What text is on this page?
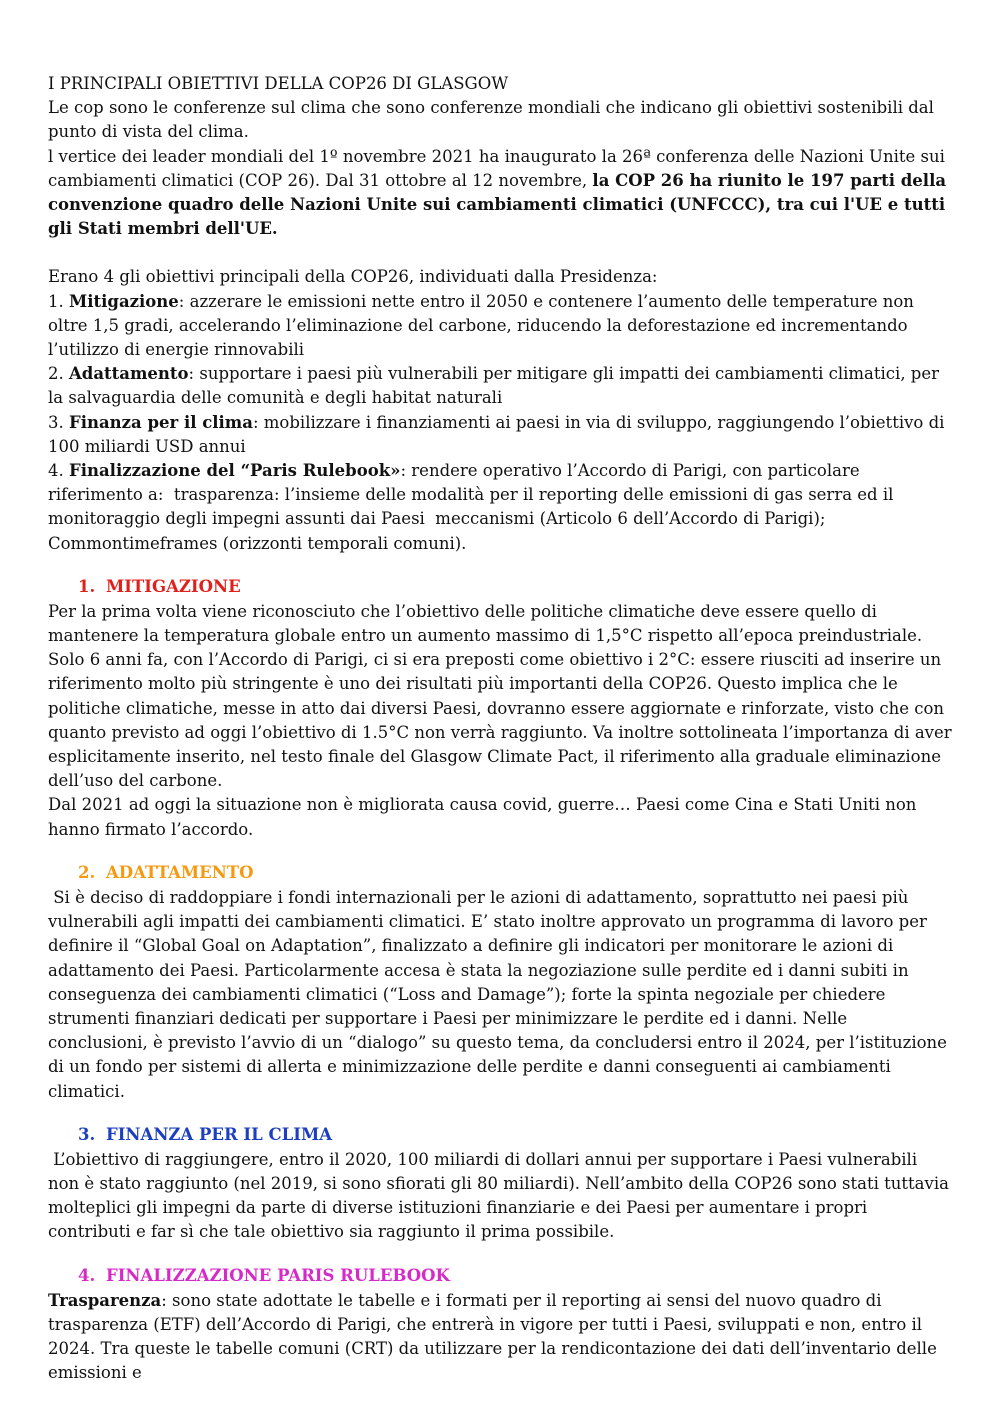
I PRINCIPALI OBIETTIVI DELLA COP26 DI GLASGOW

Le cop sono le conferenze sul clima che sono conferenze mondiali che indicano gli obiettivi sostenibili dal punto di vista del clima.

l vertice dei leader mondiali del 1º novembre 2021 ha inaugurato la 26ª conferenza delle Nazioni Unite sui cambiamenti climatici (COP 26). Dal 31 ottobre al 12 novembre, la COP 26 ha riunito le 197 parti della convenzione quadro delle Nazioni Unite sui cambiamenti climatici (UNFCCC), tra cui l'UE e tutti gli Stati membri dell'UE.

Erano 4 gli obiettivi principali della COP26, individuati dalla Presidenza:

1. Mitigazione: azzerare le emissioni nette entro il 2050 e contenere l’aumento delle temperature non oltre 1,5 gradi, accelerando l’eliminazione del carbone, riducendo la deforestazione ed incrementando l’utilizzo di energie rinnovabili

2. Adattamento: supportare i paesi più vulnerabili per mitigare gli impatti dei cambiamenti climatici, per la salvaguardia delle comunità e degli habitat naturali

3. Finanza per il clima: mobilizzare i finanziamenti ai paesi in via di sviluppo, raggiungendo l’obiettivo di 100 miliardi USD annui

4. Finalizzazione del “Paris Rulebook»: rendere operativo l’Accordo di Parigi, con particolare riferimento a:  trasparenza: l’insieme delle modalità per il reporting delle emissioni di gas serra ed il monitoraggio degli impegni assunti dai Paesi  meccanismi (Articolo 6 dell’Accordo di Parigi);  Commontimeframes (orizzonti temporali comuni).

1. MITIGAZIONE

Per la prima volta viene riconosciuto che l’obiettivo delle politiche climatiche deve essere quello di mantenere la temperatura globale entro un aumento massimo di 1,5°C rispetto all’epoca preindustriale. Solo 6 anni fa, con l’Accordo di Parigi, ci si era preposti come obiettivo i 2°C: essere riusciti ad inserire un riferimento molto più stringente è uno dei risultati più importanti della COP26. Questo implica che le politiche climatiche, messe in atto dai diversi Paesi, dovranno essere aggiornate e rinforzate, visto che con quanto previsto ad oggi l’obiettivo di 1.5°C non verrà raggiunto. Va inoltre sottolineata l’importanza di aver esplicitamente inserito, nel testo finale del Glasgow Climate Pact, il riferimento alla graduale eliminazione dell’uso del carbone.

Dal 2021 ad oggi la situazione non è migliorata causa covid, guerre… Paesi come Cina e Stati Uniti non hanno firmato l’accordo.

2. ADATTAMENTO

Si è deciso di raddoppiare i fondi internazionali per le azioni di adattamento, soprattutto nei paesi più vulnerabili agli impatti dei cambiamenti climatici. E’ stato inoltre approvato un programma di lavoro per definire il “Global Goal on Adaptation”, finalizzato a definire gli indicatori per monitorare le azioni di adattamento dei Paesi. Particolarmente accesa è stata la negoziazione sulle perdite ed i danni subiti in conseguenza dei cambiamenti climatici (“Loss and Damage”); forte la spinta negoziale per chiedere strumenti finanziari dedicati per supportare i Paesi per minimizzare le perdite ed i danni. Nelle conclusioni, è previsto l’avvio di un “dialogo” su questo tema, da concludersi entro il 2024, per l’istituzione di un fondo per sistemi di allerta e minimizzazione delle perdite e danni conseguenti ai cambiamenti climatici.

3. FINANZA PER IL CLIMA

L’obiettivo di raggiungere, entro il 2020, 100 miliardi di dollari annui per supportare i Paesi vulnerabili non è stato raggiunto (nel 2019, si sono sfiorati gli 80 miliardi). Nell’ambito della COP26 sono stati tuttavia molteplici gli impegni da parte di diverse istituzioni finanziarie e dei Paesi per aumentare i propri contributi e far sì che tale obiettivo sia raggiunto il prima possibile.

4. FINALIZZAZIONE PARIS RULEBOOK

Trasparenza: sono state adottate le tabelle e i formati per il reporting ai sensi del nuovo quadro di trasparenza (ETF) dell’Accordo di Parigi, che entrerà in vigore per tutti i Paesi, sviluppati e non, entro il 2024. Tra queste le tabelle comuni (CRT) da utilizzare per la rendicontazione dei dati dell’inventario delle emissioni e
